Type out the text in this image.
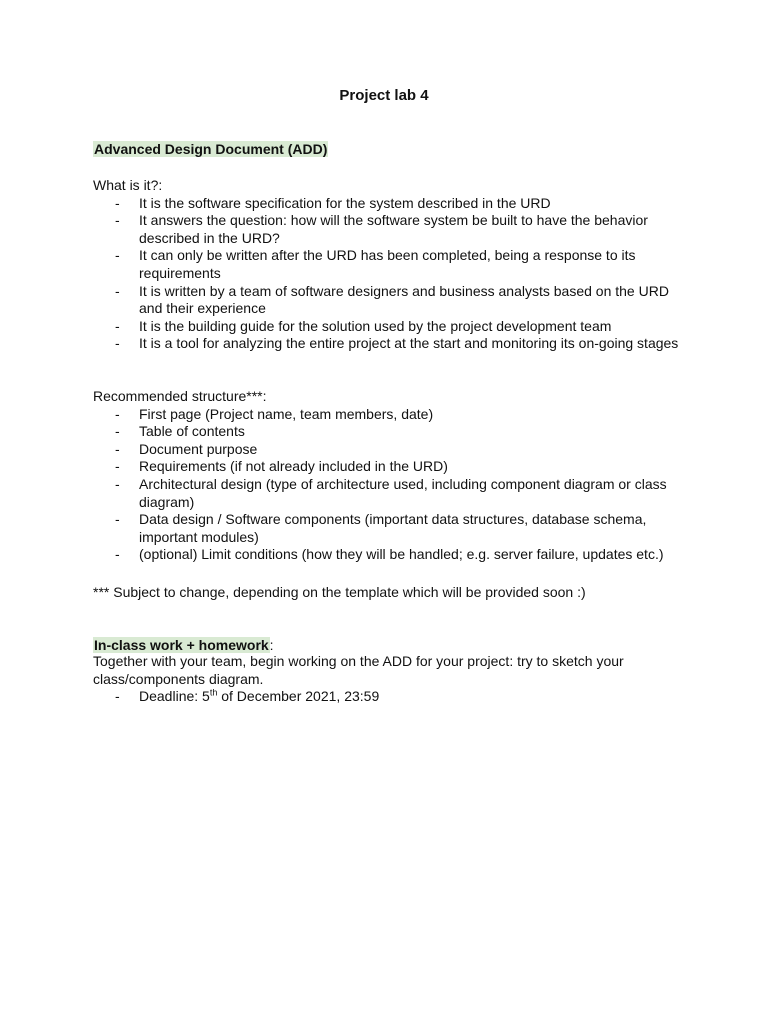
Project lab 4
Advanced Design Document (ADD)
What is it?:
- It is the software specification for the system described in the URD
- It answers the question: how will the software system be built to have the behavior described in the URD?
- It can only be written after the URD has been completed, being a response to its requirements
- It is written by a team of software designers and business analysts based on the URD and their experience
- It is the building guide for the solution used by the project development team
- It is a tool for analyzing the entire project at the start and monitoring its on-going stages
Recommended structure***:
- First page (Project name, team members, date)
- Table of contents
- Document purpose
- Requirements (if not already included in the URD)
- Architectural design (type of architecture used, including component diagram or class diagram)
- Data design / Software components (important data structures, database schema, important modules)
- (optional) Limit conditions (how they will be handled; e.g. server failure, updates etc.)
*** Subject to change, depending on the template which will be provided soon :)
In-class work + homework:
Together with your team, begin working on the ADD for your project: try to sketch your class/components diagram.
- Deadline: 5th of December 2021, 23:59
